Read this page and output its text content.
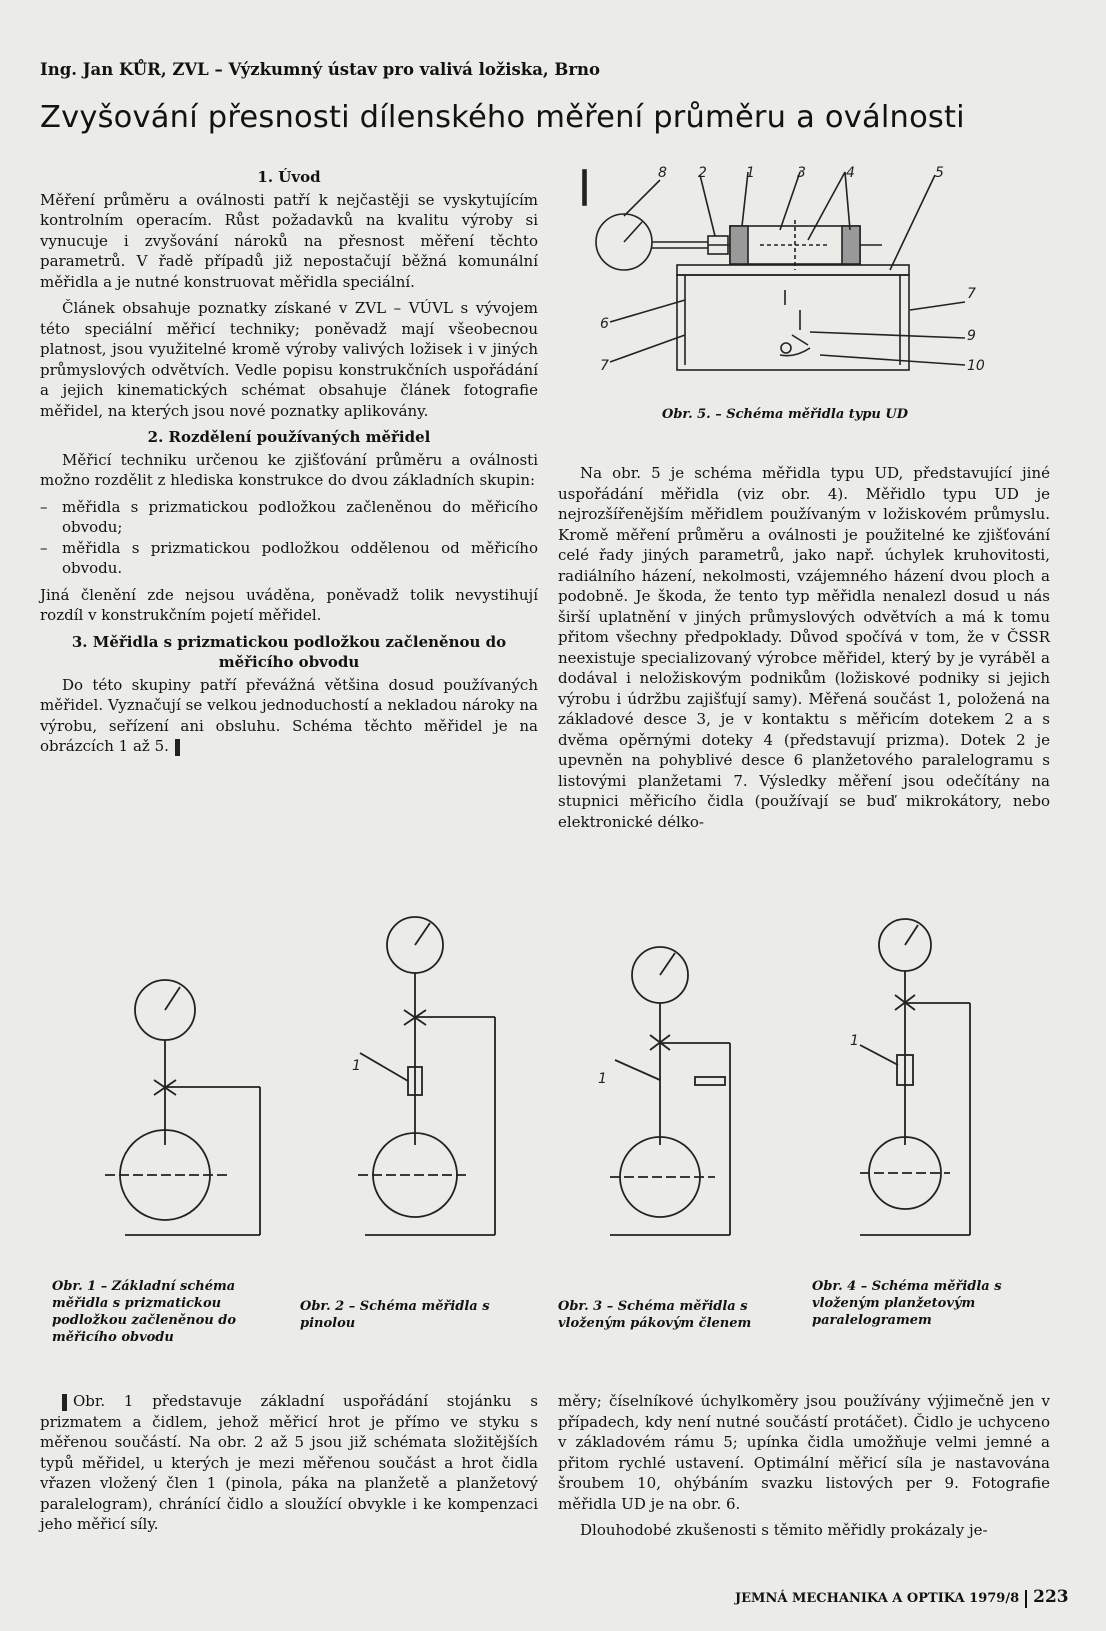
Ing. Jan KŮR, ZVL – Výzkumný ústav pro valivá ložiska, Brno
Zvyšování přesnosti dílenského měření průměru a oválnosti
1. Úvod

Měření průměru a oválnosti patří k nejčastěji se vyskytujícím kontrolním operacím. Růst požadavků na kvalitu výroby si vynucuje i zvyšování nároků na přesnost měření těchto parametrů. V řadě případů již nepostačují běžná komunální měřidla a je nutné konstruovat měřidla speciální.

Článek obsahuje poznatky získané v ZVL – VÚVL s vývojem této speciální měřicí techniky; poněvadž mají všeobecnou platnost, jsou využitelné kromě výroby valivých ložisek i v jiných průmyslových odvětvích. Vedle popisu konstrukčních uspořádání a jejich kinematických schémat obsahuje článek fotografie měřidel, na kterých jsou nové poznatky aplikovány.

2. Rozdělení používaných měřidel

Měřicí techniku určenou ke zjišťování průměru a oválnosti možno rozdělit z hlediska konstrukce do dvou základních skupin:

– měřidla s prizmatickou podložkou začleněnou do měřicího obvodu;
– měřidla s prizmatickou podložkou oddělenou od měřicího obvodu.

Jiná členění zde nejsou uváděna, poněvadž tolik nevystihují rozdíl v konstrukčním pojetí měřidel.

3. Měřidla s prizmatickou podložkou začleněnou do měřicího obvodu

Do této skupiny patří převážná většina dosud používaných měřidel. Vyznačují se velkou jednoduchostí a nekladou nároky na výrobu, seřízení ani obsluhu. Schéma těchto měřidel je na obrázcích 1 až 5.

Na obr. 5 je schéma měřidla typu UD, představující jiné uspořádání měřidla (viz obr. 4). Měřidlo typu UD je nejrozšířenějším měřidlem používaným v ložiskovém průmyslu. Kromě měření průměru a oválnosti je použitelné ke zjišťování celé řady jiných parametrů, jako např. úchylek kruhovitosti, radiálního házení, nekolmosti, vzájemného házení dvou ploch a podobně. Je škoda, že tento typ měřidla nenalezl dosud u nás širší uplatnění v jiných průmyslových odvětvích a má k tomu přitom všechny předpoklady. Důvod spočívá v tom, že v ČSSR neexistuje specializovaný výrobce měřidel, který by je vyráběl a dodával i neložiskovým podnikům (ložiskové podniky si jejich výrobu i údržbu zajišťují samy). Měřená součást 1, položená na základové desce 3, je v kontaktu s měřicím dotekem 2 a s dvěma opěrnými doteky 4 (představují prizma). Dotek 2 je upevněn na pohyblivé desce 6 planžetového paralelogramu s listovými planžetami 7. Výsledky měření jsou odečítány na stupnici měřicího čidla (používají se buď mikrokátory, nebo elektronické délko-

8 2	1	3	4	5
7
9
6
7	10
Obr. 5. – Schéma měřidla typu UD
1
1
1
Obr. 1 – Základní schéma měřidla s prizmatickou podložkou začleněnou do měřicího obvodu
Obr. 2 – Schéma měřidla s pinolou
Obr. 3 – Schéma měřidla s vloženým pákovým členem
Obr. 4 – Schéma měřidla s vloženým planžetovým paralelogramem

Obr. 1 představuje základní uspořádání stojánku s prizmatem a čidlem, jehož měřicí hrot je přímo ve styku s měřenou součástí. Na obr. 2 až 5 jsou již schémata složitějších typů měřidel, u kterých je mezi měřenou součást a hrot čidla vřazen vložený člen 1 (pinola, páka na planžetě a planžetový paralelogram), chránící čidlo a sloužící obvykle i ke kompenzaci jeho měřicí síly.

měry; číselníkové úchylkoměry jsou používány výjimečně jen v případech, kdy není nutné součástí protáčet). Čidlo je uchyceno v základovém rámu 5; upínka čidla umožňuje velmi jemné a přitom rychlé ustavení. Optimální měřicí síla je nastavována šroubem 10, ohýbáním svazku listových per 9. Fotografie měřidla UD je na obr. 6.

Dlouhodobé zkušenosti s těmito měřidly prokázaly je-

JEMNÁ MECHANIKA A OPTIKA 1979/8 223
